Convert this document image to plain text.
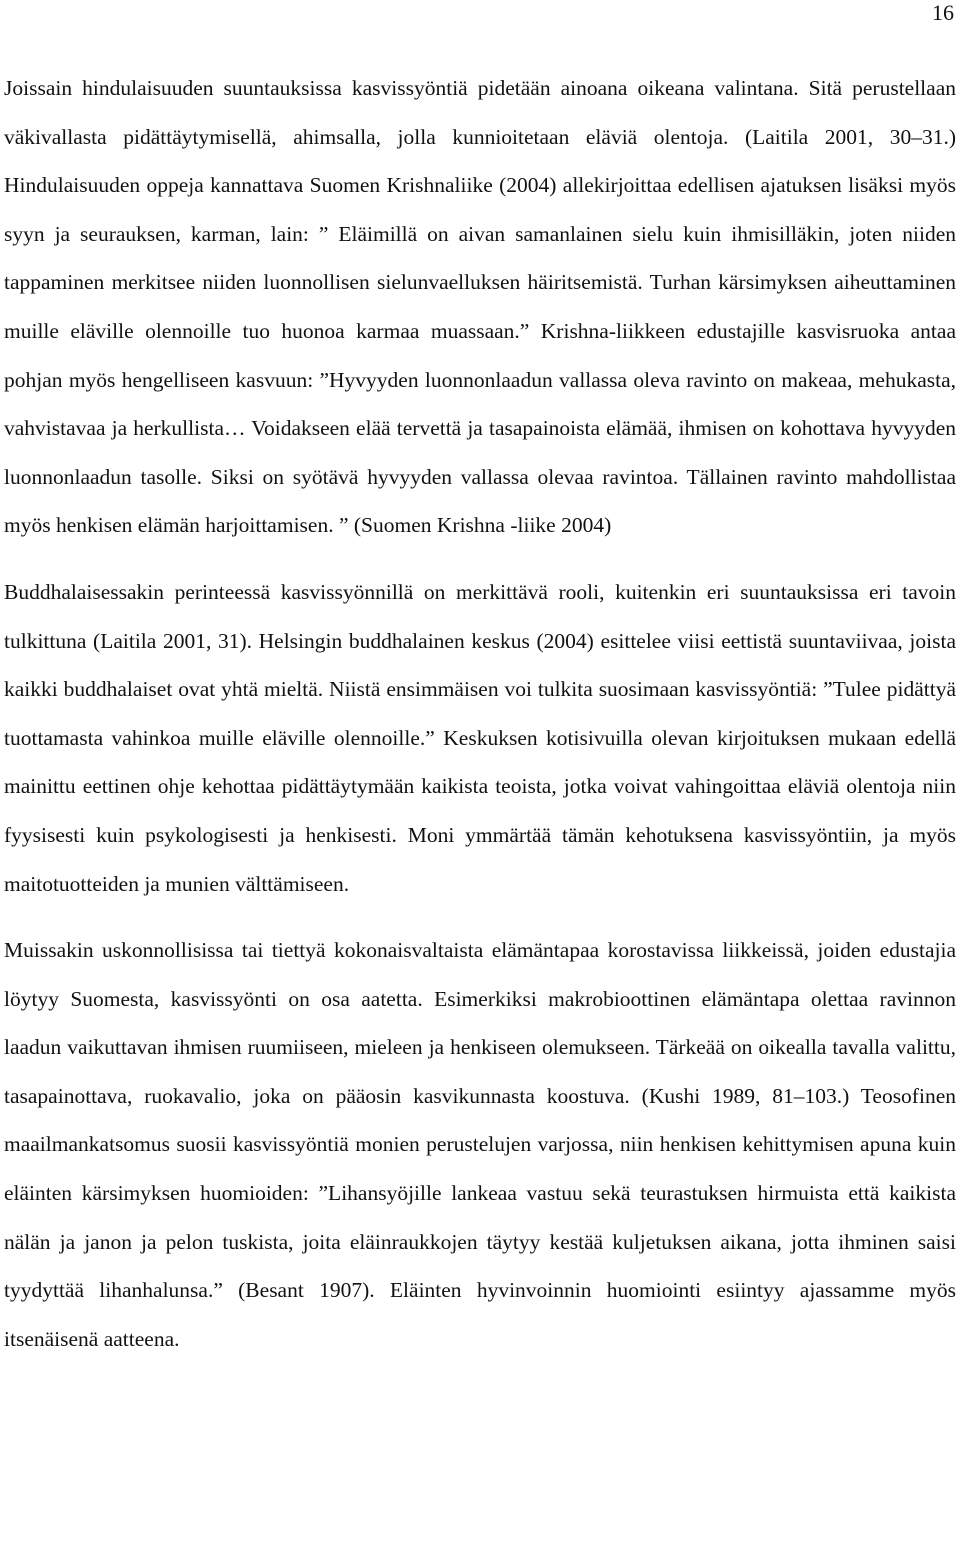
16

Joissain hindulaisuuden suuntauksissa kasvissyöntiä pidetään ainoana oikeana valintana. Sitä perustellaan väkivallasta pidättäytymisellä, ahimsalla, jolla kunnioitetaan eläviä olentoja. (Laitila 2001, 30–31.) Hindulaisuuden oppeja kannattava Suomen Krishnaliike (2004) allekirjoittaa edellisen ajatuksen lisäksi myös syyn ja seurauksen, karman, lain: ” Eläimillä on aivan samanlainen sielu kuin ihmisilläkin, joten niiden tappaminen merkitsee niiden luonnollisen sielunvaelluksen häiritsemistä. Turhan kärsimyksen aiheuttaminen muille eläville olennoille tuo huonoa karmaa muassaan.” Krishna-liikkeen edustajille kasvisruoka antaa pohjan myös hengelliseen kasvuun: ”Hyvyyden luonnonlaadun vallassa oleva ravinto on makeaa, mehukasta, vahvistavaa ja herkullista… Voidakseen elää tervettä ja tasapainoista elämää, ihmisen on kohottava hyvyyden luonnonlaadun tasolle. Siksi on syötävä hyvyyden vallassa olevaa ravintoa. Tällainen ravinto mahdollistaa myös henkisen elämän harjoittamisen. ” (Suomen Krishna -liike 2004)

Buddhalaisessakin perinteessä kasvissyönnillä on merkittävä rooli, kuitenkin eri suuntauksissa eri tavoin tulkittuna (Laitila 2001, 31). Helsingin buddhalainen keskus (2004) esittelee viisi eettistä suuntaviivaa, joista kaikki buddhalaiset ovat yhtä mieltä. Niistä ensimmäisen voi tulkita suosimaan kasvissyöntiä: ”Tulee pidättyä tuottamasta vahinkoa muille eläville olennoille.” Keskuksen kotisivuilla olevan kirjoituksen mukaan edellä mainittu eettinen ohje kehottaa pidättäytymään kaikista teoista, jotka voivat vahingoittaa eläviä olentoja niin fyysisesti kuin psykologisesti ja henkisesti. Moni ymmärtää tämän kehotuksena kasvissyöntiin, ja myös maitotuotteiden ja munien välttämiseen.

Muissakin uskonnollisissa tai tiettyä kokonaisvaltaista elämäntapaa korostavissa liikkeissä, joiden edustajia löytyy Suomesta, kasvissyönti on osa aatetta. Esimerkiksi makrobioottinen elämäntapa olettaa ravinnon laadun vaikuttavan ihmisen ruumiiseen, mieleen ja henkiseen olemukseen. Tärkeää on oikealla tavalla valittu, tasapainottava, ruokavalio, joka on pääosin kasvikunnasta koostuva. (Kushi 1989, 81–103.) Teosofinen maailmankatsomus suosii kasvissyöntiä monien perustelujen varjossa, niin henkisen kehittymisen apuna kuin eläinten kärsimyksen huomioiden: ”Lihansyöjille lankeaa vastuu sekä teurastuksen hirmuista että kaikista nälän ja janon ja pelon tuskista, joita eläinraukkojen täytyy kestää kuljetuksen aikana, jotta ihminen saisi tyydyttää lihanhalunsa.” (Besant 1907). Eläinten hyvinvoinnin huomiointi esiintyy ajassamme myös itsenäisenä aatteena.
